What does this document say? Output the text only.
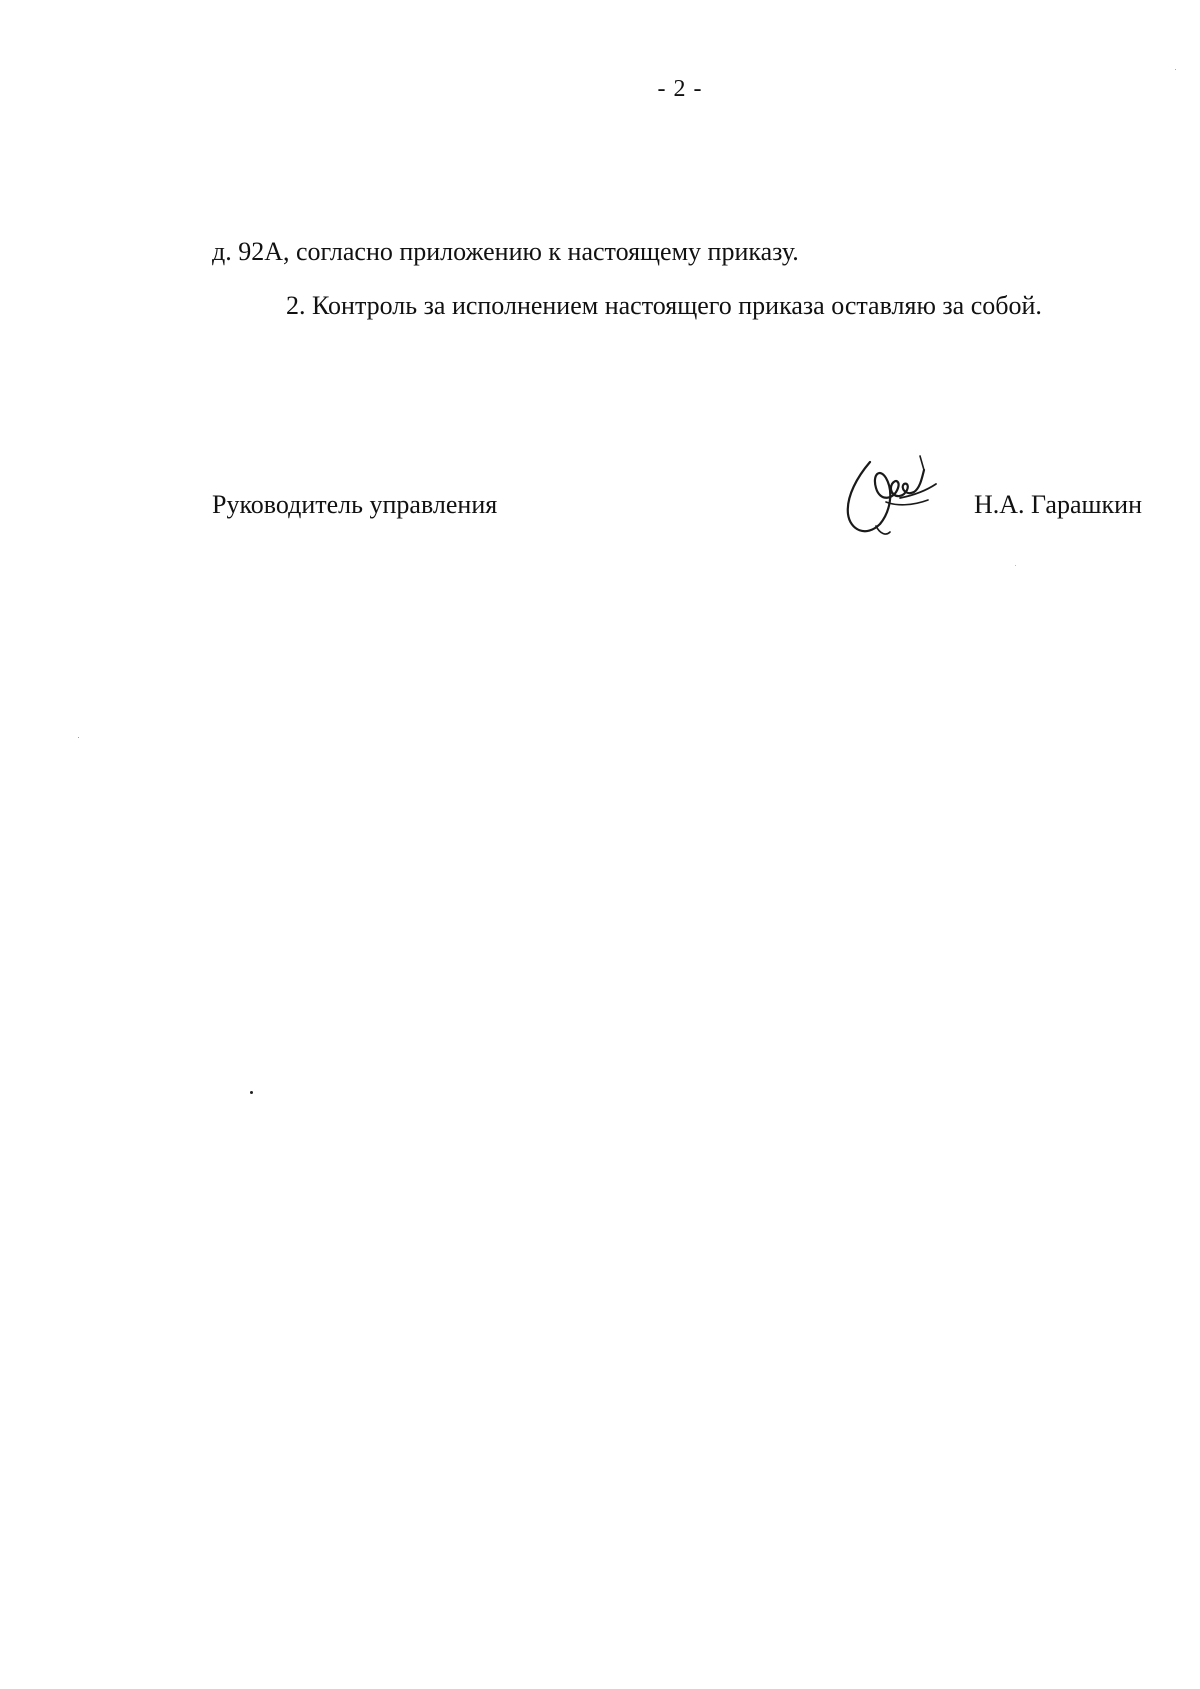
- 2 -
д. 92А, согласно приложению к настоящему приказу.
2. Контроль за исполнением настоящего приказа оставляю за собой.
Руководитель управления	Н.А. Гарашкин
